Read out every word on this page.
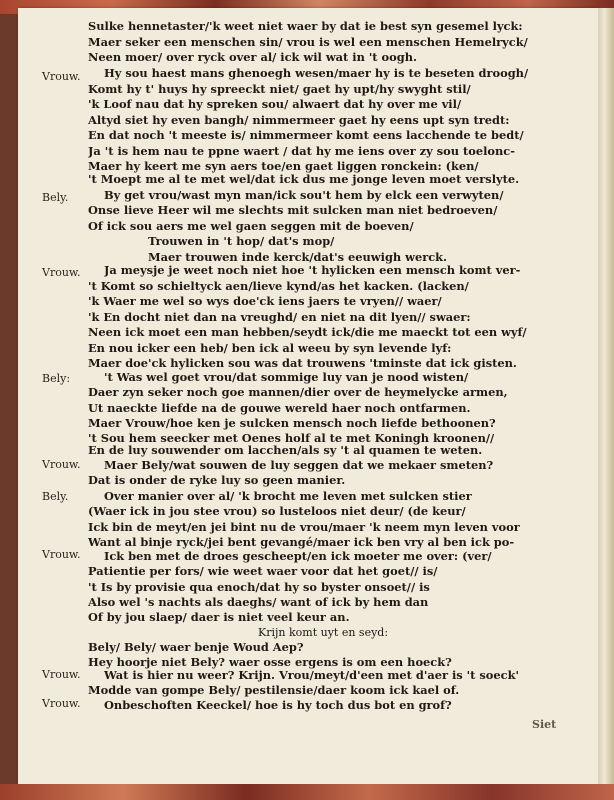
Vrouw.
Bely.
Vrouw.
Bely:
Vrouw.
Bely.
Vrouw.
Vrouw.
Vrouw.
Sulke hennetaster/'k weet niet waer by dat ie best syn gesemel lyck:
Maer seker een menschen sin/ vrou is wel een menschen Hemelryck/
Neen moer/ over ryck over al/ ick wil wat in 't oogh.
Hy sou haest mans ghenoegh wesen/maer hy is te beseten droogh/
Komt hy t' huys hy spreeckt niet/ gaet hy upt/hy swyght stil/
'k Loof nau dat hy spreken sou/ alwaert dat hy over me vil/
Altyd siet hy even bangh/ nimmermeer gaet hy eens upt syn tredt:
En dat noch 't meeste is/ nimmermeer komt eens lacchende te bedt/
Ja 't is hem nau te ppne waert / dat hy me iens over zy sou toelonc-
Maer hy keert me syn aers toe/en gaet liggen ronckein: (ken/
't Moept me al te met wel/dat ick dus me jonge leven moet verslyte.
By get vrou/wast myn man/ick sou't hem by elck een verwyten/
Onse lieve Heer wil me slechts mit sulcken man niet bedroeven/
Of ick sou aers me wel gaen seggen mit de boeven/
Trouwen in 't hop/ dat's mop/
Maer trouwen inde kerck/dat's eeuwigh werck.
Ja meysje je weet noch niet hoe 't hylicken een mensch komt ver-
't Komt so schieltyck aen/lieve kynd/as het kacken. (lacken/
'k Waer me wel so wys doe'ck iens jaers te vryen// waer/
'k En docht niet dan na vreughd/ en niet na dit lyen// swaer:
Neen ick moet een man hebben/seydt ick/die me maeckt tot een wyf/
En nou icker een heb/ ben ick al weeu by syn levende lyf:
Maer doe'ck hylicken sou was dat trouwens 'tminste dat ick gisten.
't Was wel goet vrou/dat sommige luy van je nood wisten/
Daer zyn seker noch goe mannen/dier over de heymelycke armen,
Ut naeckte liefde na de gouwe wereld haer noch ontfarmen.
Maer Vrouw/hoe ken je sulcken mensch noch liefde bethoonen?
't Sou hem seecker met Oenes holf al te met Koningh kroonen//
En de luy souwender om lacchen/als sy 't al quamen te weten.
Maer Bely/wat souwen de luy seggen dat we mekaer smeten?
Dat is onder de ryke luy so geen manier.
Over manier over al/ 'k brocht me leven met sulcken stier
(Waer ick in jou stee vrou) so lusteloos niet deur/ (de keur/
Ick bin de meyt/en jei bint nu de vrou/maer 'k neem myn leven voor
Want al binje ryck/jei bent gevangé/maer ick ben vry al ben ick po-
Ick ben met de droes gescheept/en ick moeter me over: (ver/
Patientie per fors/ wie weet waer voor dat het goet// is/
't Is by provisie qua enoch/dat hy so byster onsoet// is
Also wel 's nachts als daeghs/ want of ick by hem dan
Of by jou slaep/ daer is niet veel keur an.
Krijn komt uyt en seyd:
Bely/ Bely/ waer benje Woud Aep?
Hey hoorje niet Bely? waer osse ergens is om een hoeck?
Wat is hier nu weer? Krijn. Vrou/meyt/d'een met d'aer is 't soeck'
Modde van gompe Bely/ pestilensie/daer koom ick kael of.
Onbeschoften Keeckel/ hoe is hy toch dus bot en grof?
Siet
